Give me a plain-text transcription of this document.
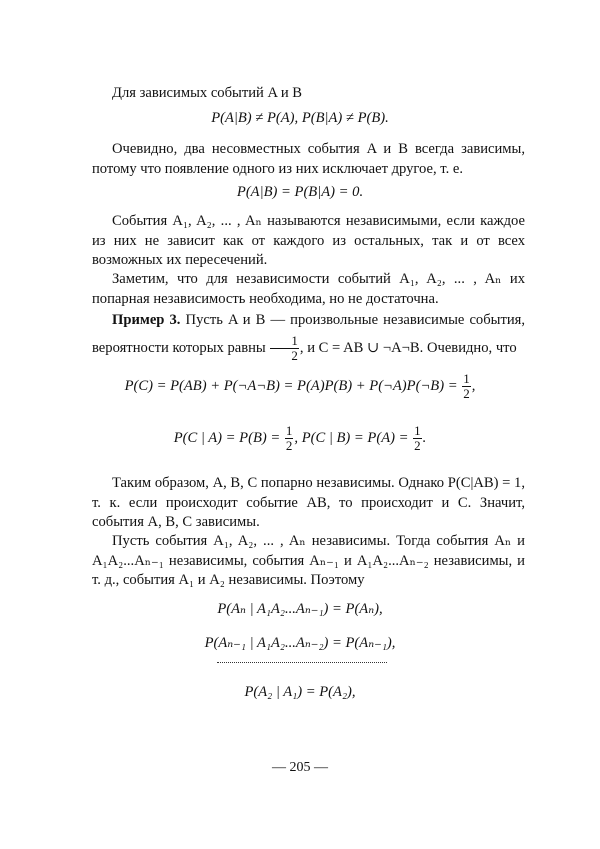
Для зависимых событий A и B

P(A|B) ≠ P(A), P(B|A) ≠ P(B).

Очевидно, два несовместных события A и B всегда зависимы, потому что появление одного из них исключает другое, т. е.

P(A|B) = P(B|A) = 0.

События A₁, A₂, ... , Aₙ называются независимыми, если каждое из них не зависит как от каждого из остальных, так и от всех возможных их пересечений.

Заметим, что для независимости событий A₁, A₂, ... , Aₙ их попарная независимость необходима, но не достаточна.

Пример 3. Пусть A и B — произвольные независимые события, вероятности которых равны $\frac{1}{2}$ , и C = AB ∪ ¬A¬B. Очевидно, что

P(C) = P(AB) + P(¬A¬B) = P(A)P(B) + P(¬A)P(¬B) = $\frac{1}{2}$ ,

P(C | $A) = P(B) = \frac{1}{2}$ , P(C | $B) = P(A) = \frac{1}{2}$ .

Таким образом, A, B, C попарно независимы. Однако P(C|AB) = 1, т. к. если происходит событие AB, то происходит и C. Значит, события A, B, C зависимы.

Пусть события A₁, A₂, ... , Aₙ независимы. Тогда события Aₙ и A₁A₂...Aₙ₋₁ независимы, события Aₙ₋₁ и A₁A₂...Aₙ₋₂ независимы, и т. д., события A₁ и A₂ независимы. Поэтому

P(Aₙ | A₁A₂...Aₙ₋₁) = P(Aₙ),

P(Aₙ₋₁ | A₁A₂...Aₙ₋₂) = P(Aₙ₋₁),

P(A₂ | A₁) = P(A₂),

— 205 —
